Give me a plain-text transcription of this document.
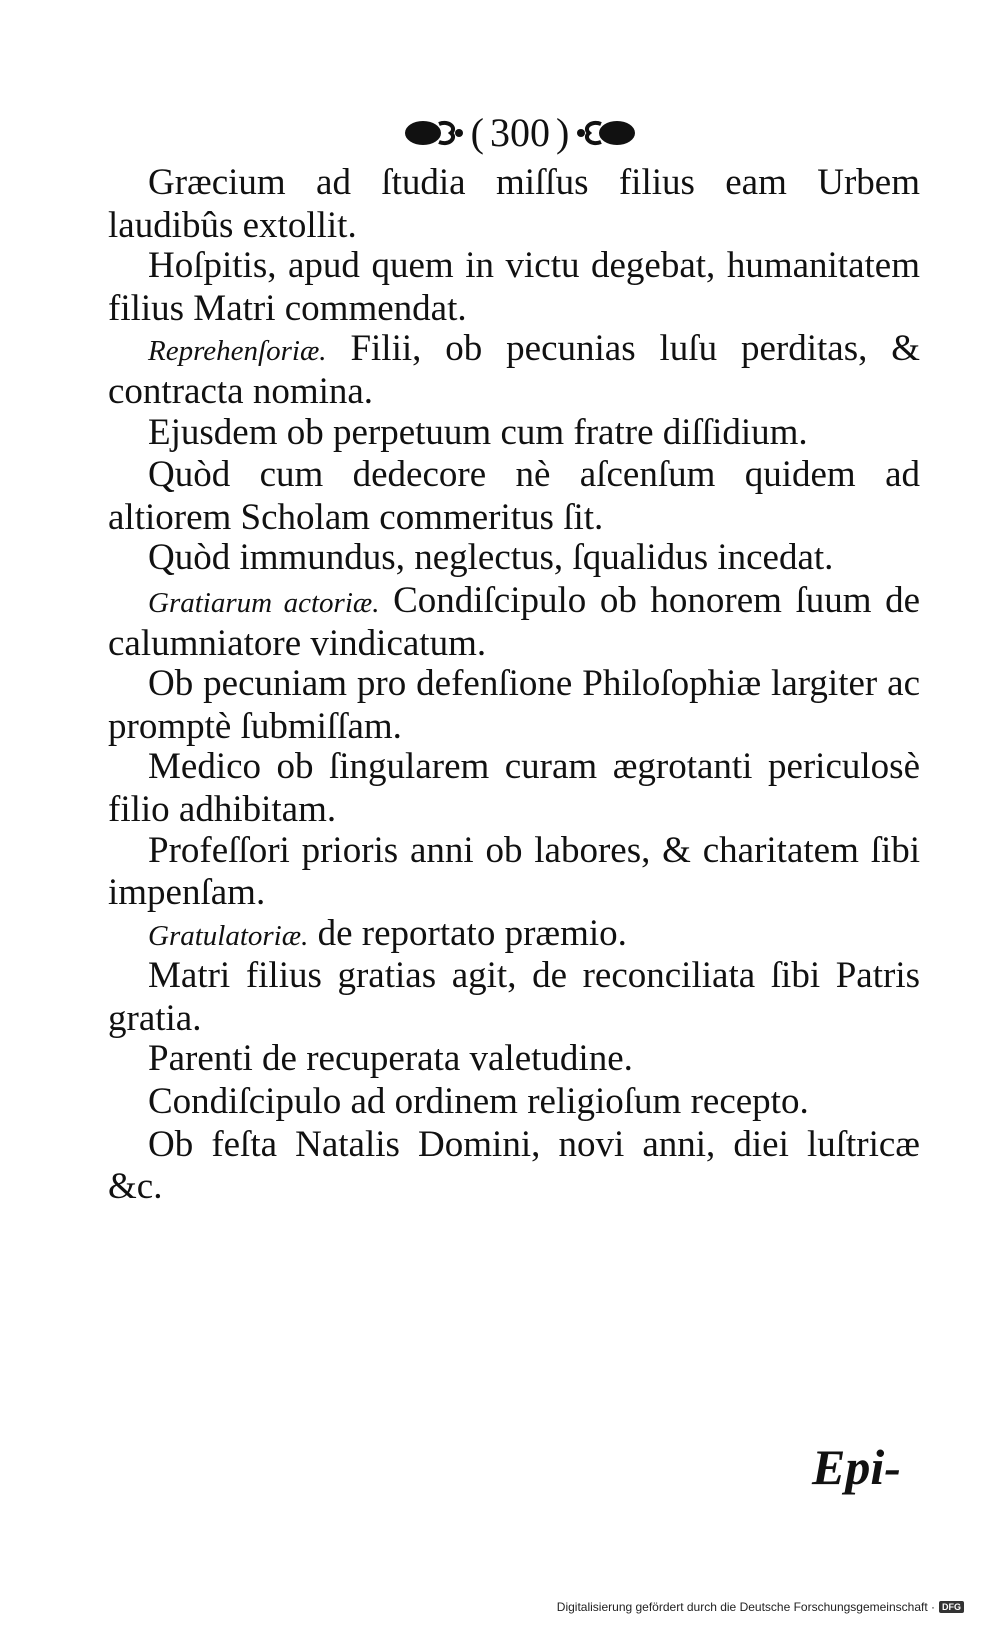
( 300 )

Græcium ad ſtudia miſſus filius eam Urbem laudibûs extollit.

Hoſpitis, apud quem in victu degebat, humanitatem filius Matri commendat.

Reprehenſoriæ. Filii, ob pecunias luſu perditas, & contracta nomina.

Ejusdem ob perpetuum cum fratre diſſidium.

Quòd cum dedecore nè aſcenſum quidem ad altiorem Scholam commeritus ſit.

Quòd immundus, neglectus, ſqualidus incedat.

Gratiarum actoriæ. Condiſcipulo ob honorem ſuum de calumniatore vindicatum.

Ob pecuniam pro defenſione Philoſophiæ largiter ac promptè ſubmiſſam.

Medico ob ſingularem curam ægrotanti periculosè filio adhibitam.

Profeſſori prioris anni ob labores, & charitatem ſibi impenſam.

Gratulatoriæ. de reportato præmio.

Matri filius gratias agit, de reconciliata ſibi Patris gratia.

Parenti de recuperata valetudine.

Condiſcipulo ad ordinem religioſum recepto.

Ob feſta Natalis Domini, novi anni, diei luſtricæ &c.

Epi-
Digitalisierung gefördert durch die Deutsche Forschungsgemeinschaft · DFG
